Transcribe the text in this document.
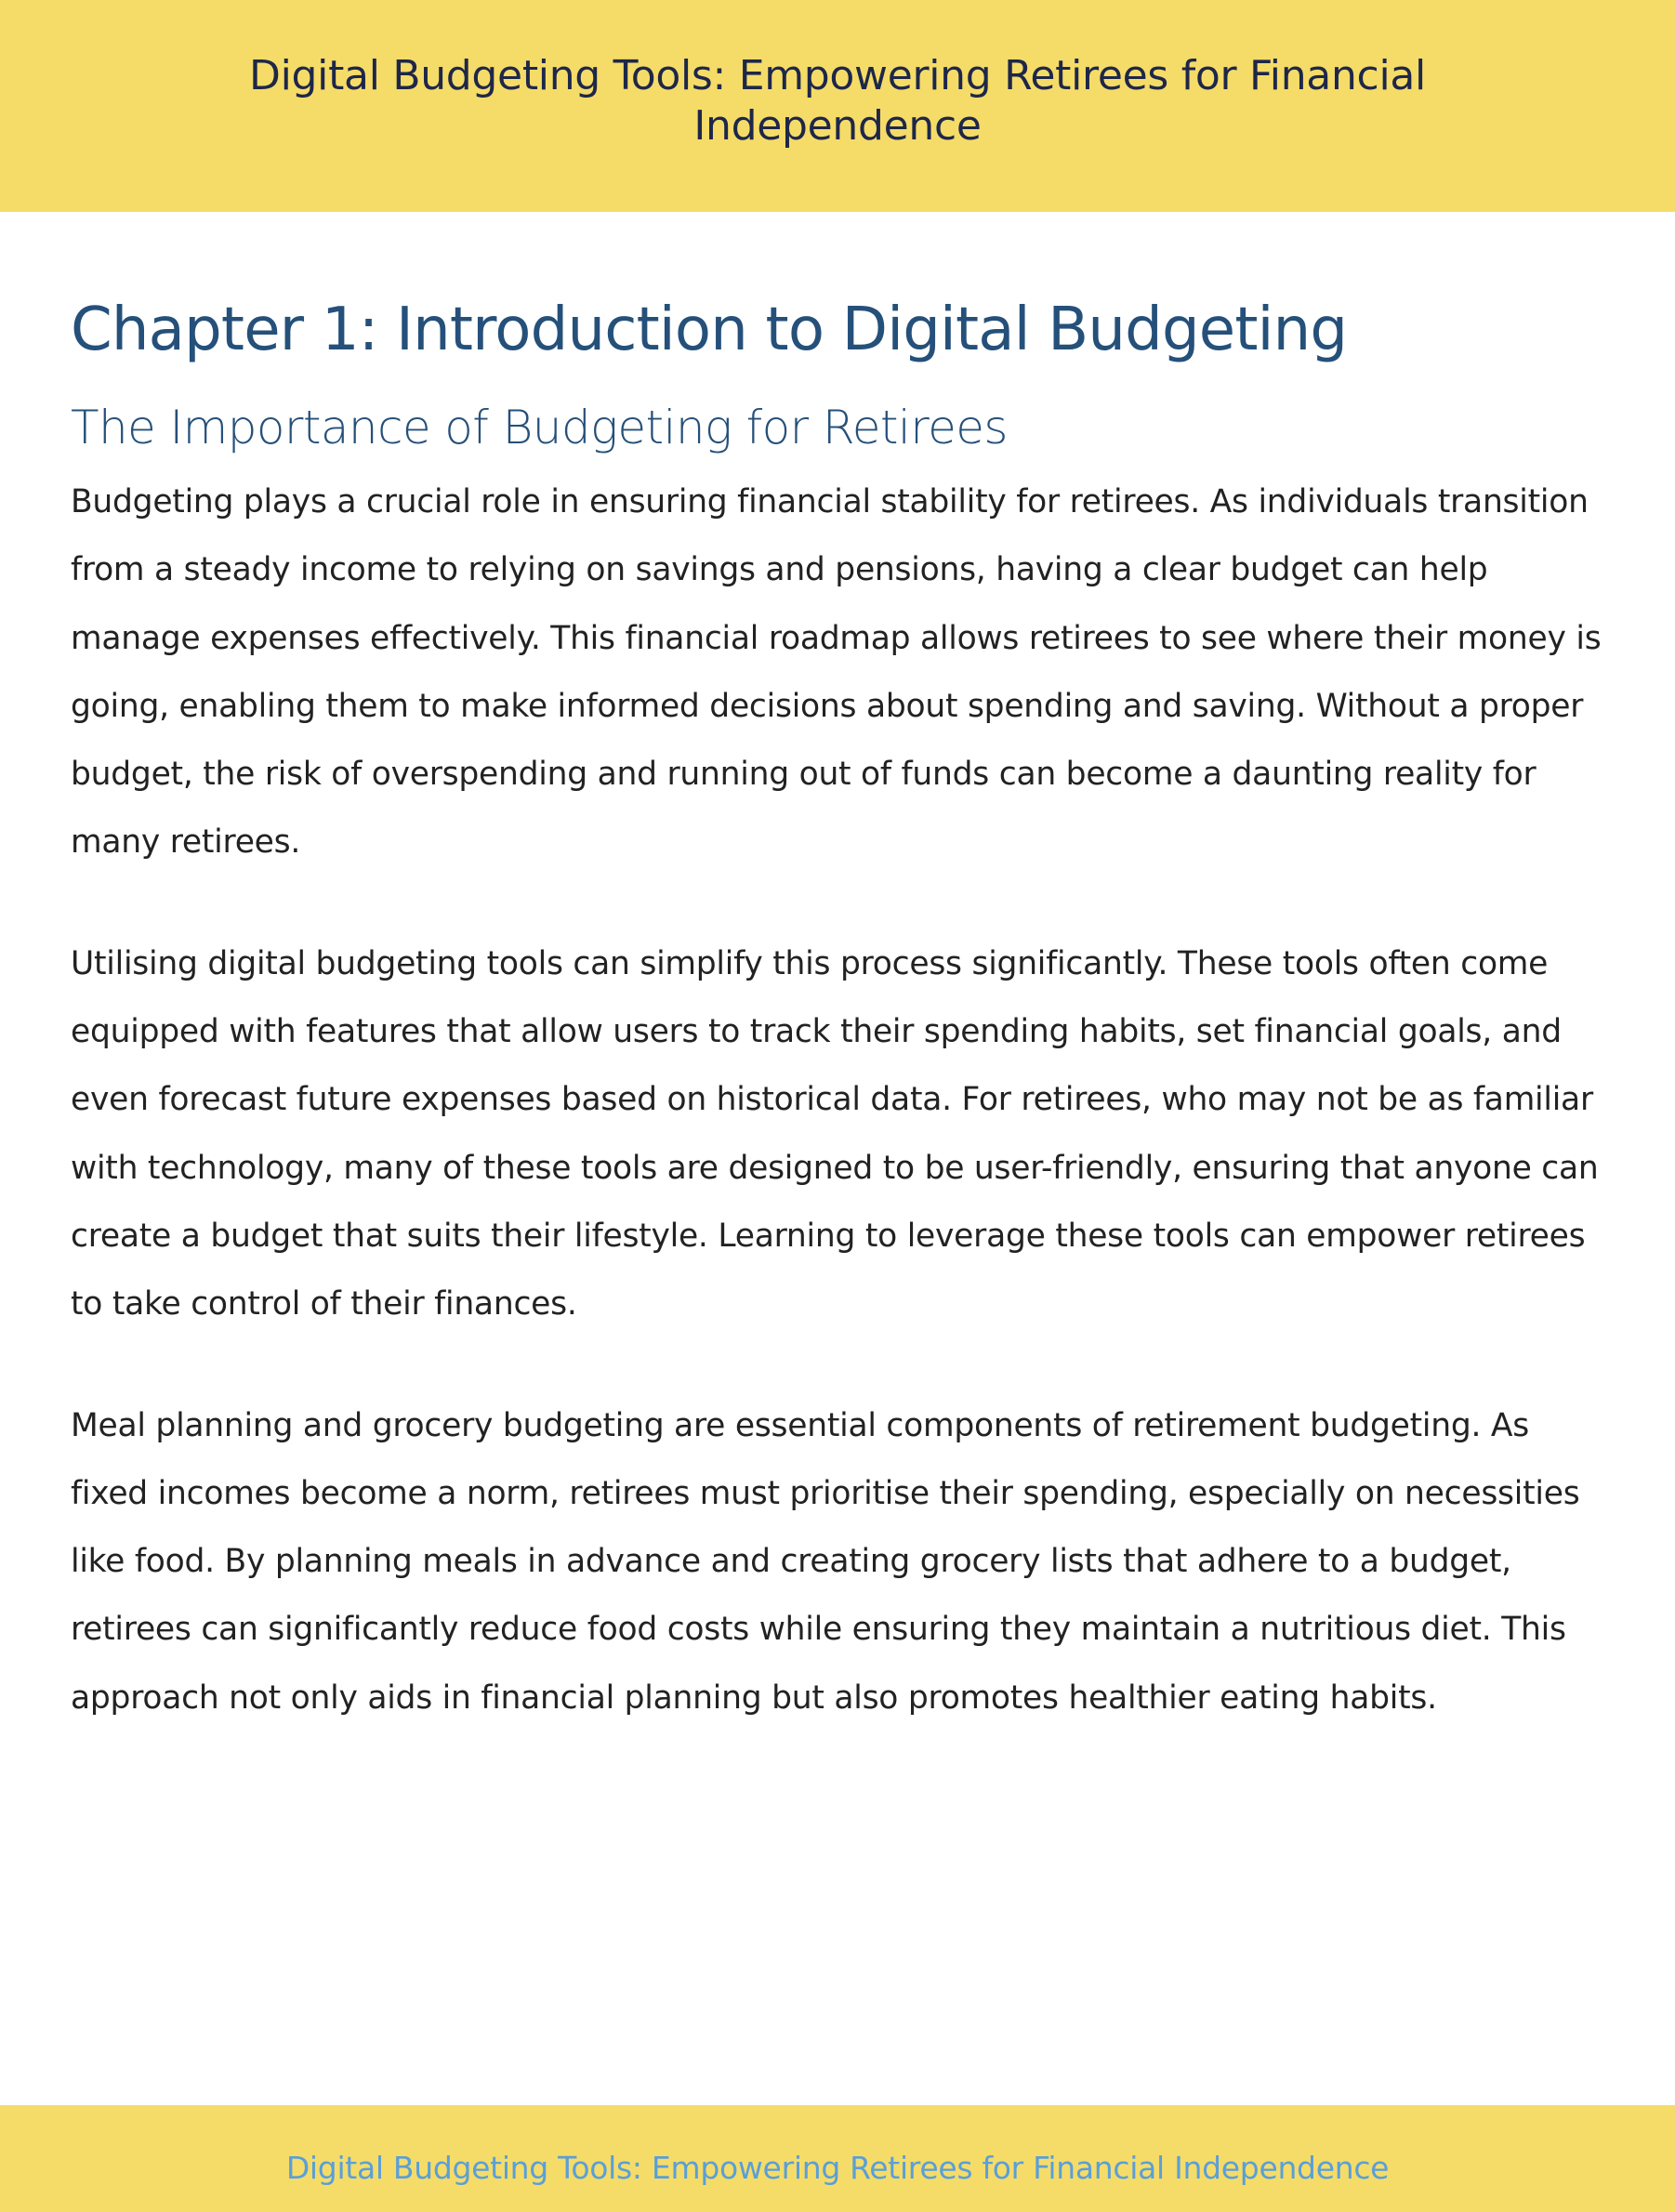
Digital Budgeting Tools: Empowering Retirees for Financial Independence
Chapter 1: Introduction to Digital Budgeting
The Importance of Budgeting for Retirees

Budgeting plays a crucial role in ensuring financial stability for retirees. As individuals transition from a steady income to relying on savings and pensions, having a clear budget can help manage expenses effectively. This financial roadmap allows retirees to see where their money is going, enabling them to make informed decisions about spending and saving. Without a proper budget, the risk of overspending and running out of funds can become a daunting reality for many retirees.

Utilising digital budgeting tools can simplify this process significantly. These tools often come equipped with features that allow users to track their spending habits, set financial goals, and even forecast future expenses based on historical data. For retirees, who may not be as familiar with technology, many of these tools are designed to be user-friendly, ensuring that anyone can create a budget that suits their lifestyle. Learning to leverage these tools can empower retirees to take control of their finances.

Meal planning and grocery budgeting are essential components of retirement budgeting. As fixed incomes become a norm, retirees must prioritise their spending, especially on necessities like food. By planning meals in advance and creating grocery lists that adhere to a budget, retirees can significantly reduce food costs while ensuring they maintain a nutritious diet. This approach not only aids in financial planning but also promotes healthier eating habits.

Digital Budgeting Tools: Empowering Retirees for Financial Independence
